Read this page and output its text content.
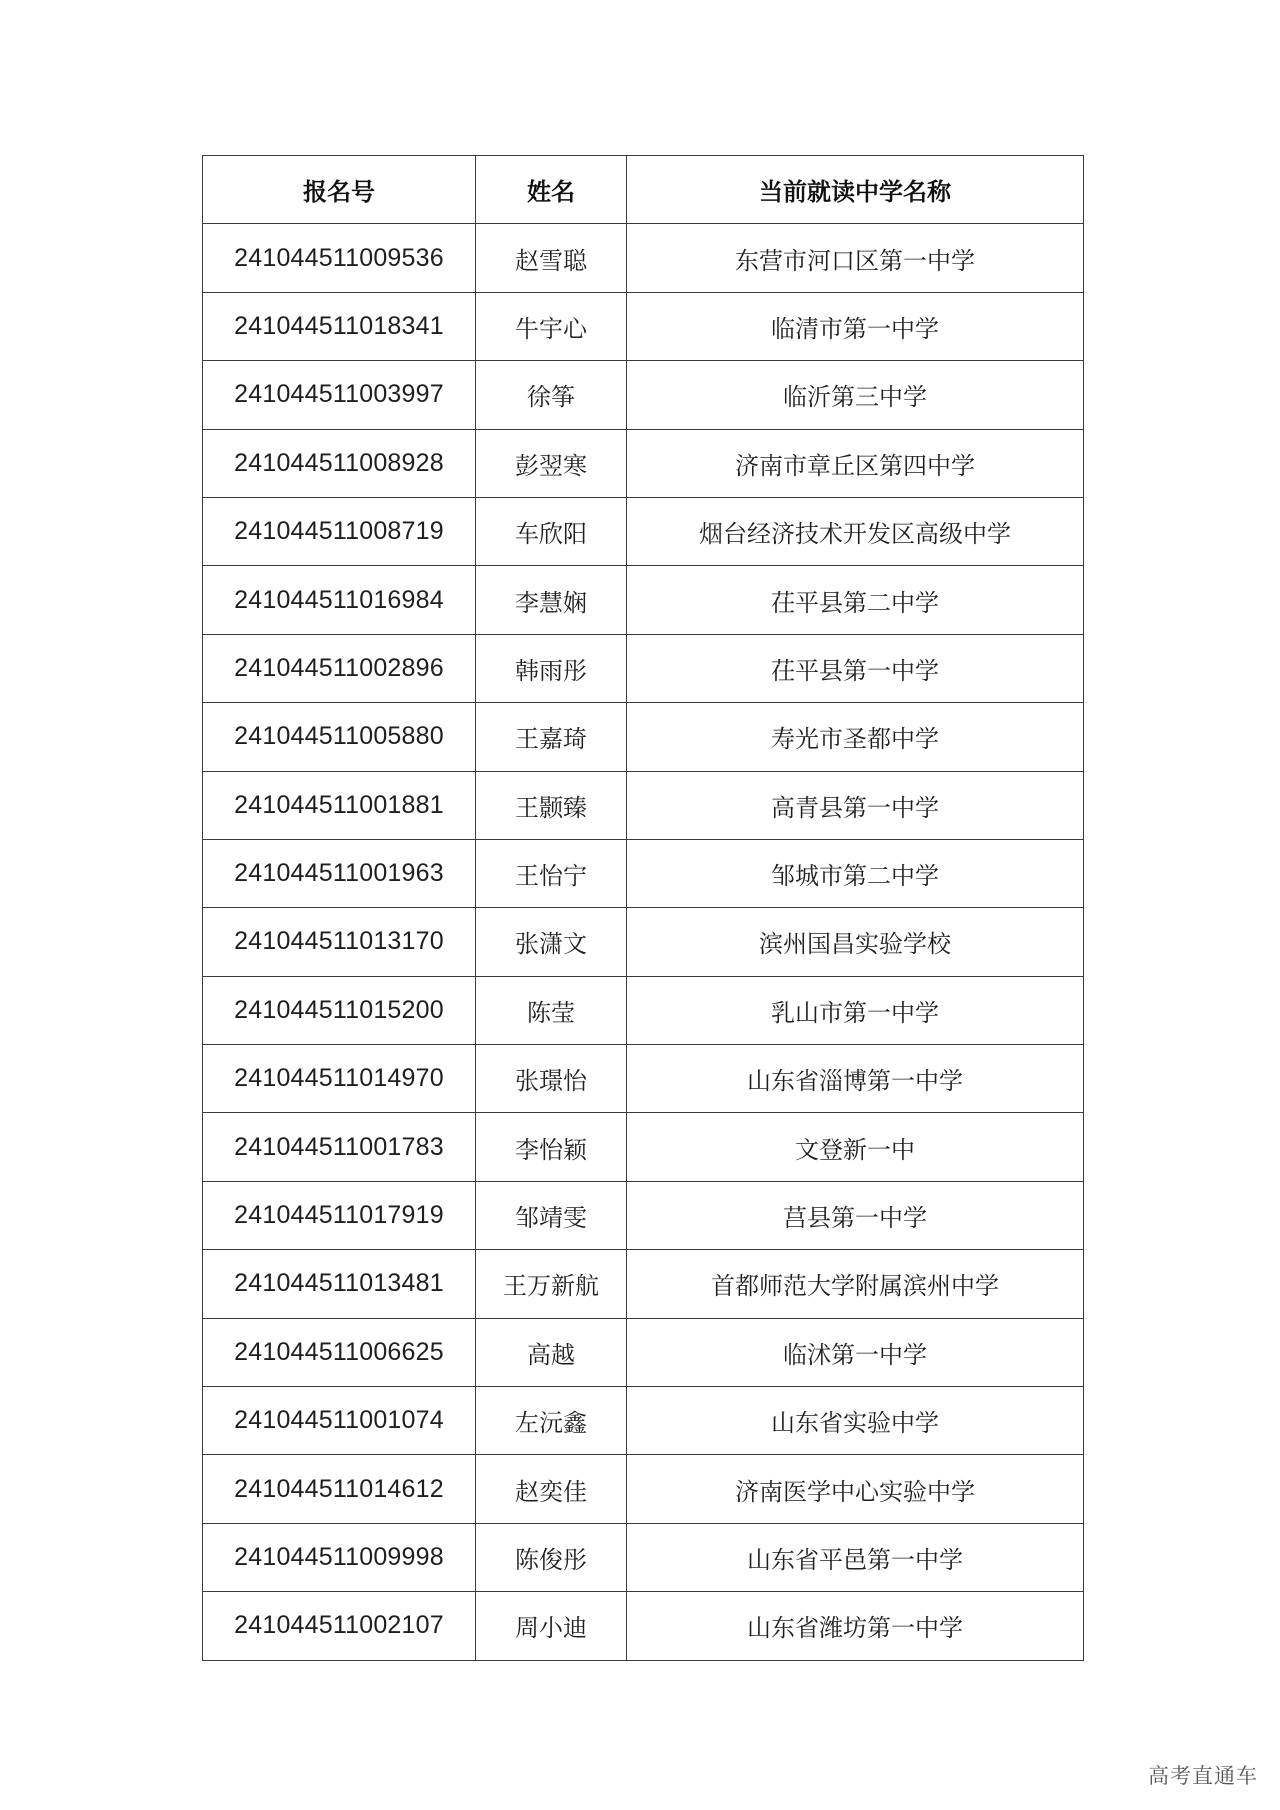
报名号	姓名	当前就读中学名称
241044511009536	赵雪聪	东营市河口区第一中学
241044511018341	牛宇心	临清市第一中学
241044511003997	徐筝	临沂第三中学
241044511008928	彭翌寒	济南市章丘区第四中学
241044511008719	车欣阳	烟台经济技术开发区高级中学
241044511016984	李慧娴	茌平县第二中学
241044511002896	韩雨彤	茌平县第一中学
241044511005880	王嘉琦	寿光市圣都中学
241044511001881	王颢臻	高青县第一中学
241044511001963	王怡宁	邹城市第二中学
241044511013170	张潇文	滨州国昌实验学校
241044511015200	陈莹	乳山市第一中学
241044511014970	张璟怡	山东省淄博第一中学
241044511001783	李怡颖	文登新一中
241044511017919	邹靖雯	莒县第一中学
241044511013481	王万新航	首都师范大学附属滨州中学
241044511006625	高越	临沭第一中学
241044511001074	左沅鑫	山东省实验中学
241044511014612	赵奕佳	济南医学中心实验中学
241044511009998	陈俊彤	山东省平邑第一中学
241044511002107	周小迪	山东省潍坊第一中学
高考直通车
